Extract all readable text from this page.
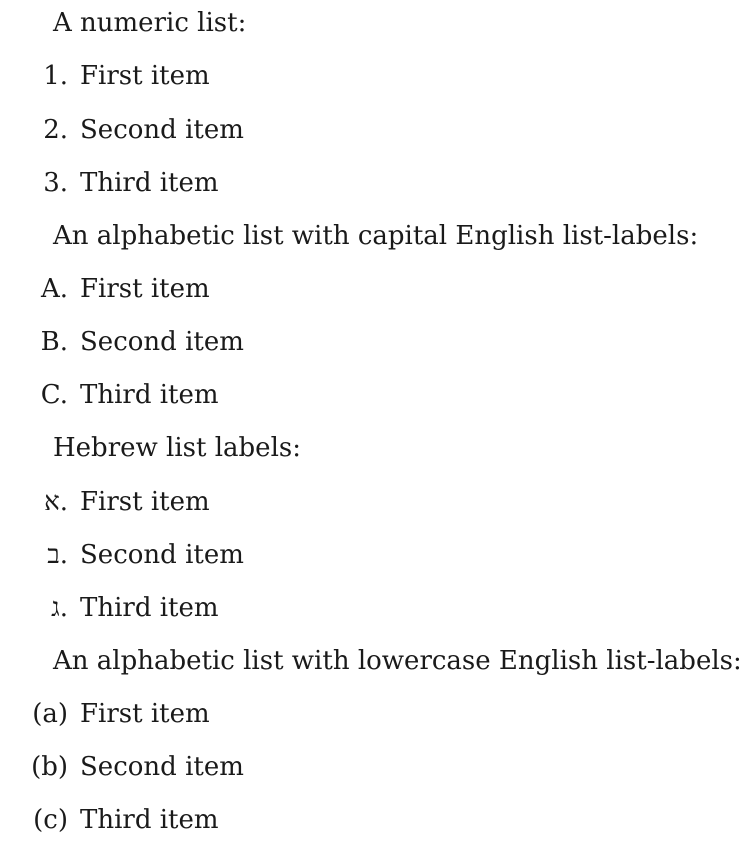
A numeric list:
1. First item
2. Second item
3. Third item
An alphabetic list with capital English list-labels:
A. First item
B. Second item
C. Third item
Hebrew list labels:
א. First item
ב. Second item
ג. Third item
An alphabetic list with lowercase English list-labels:
(a) First item
(b) Second item
(c) Third item
